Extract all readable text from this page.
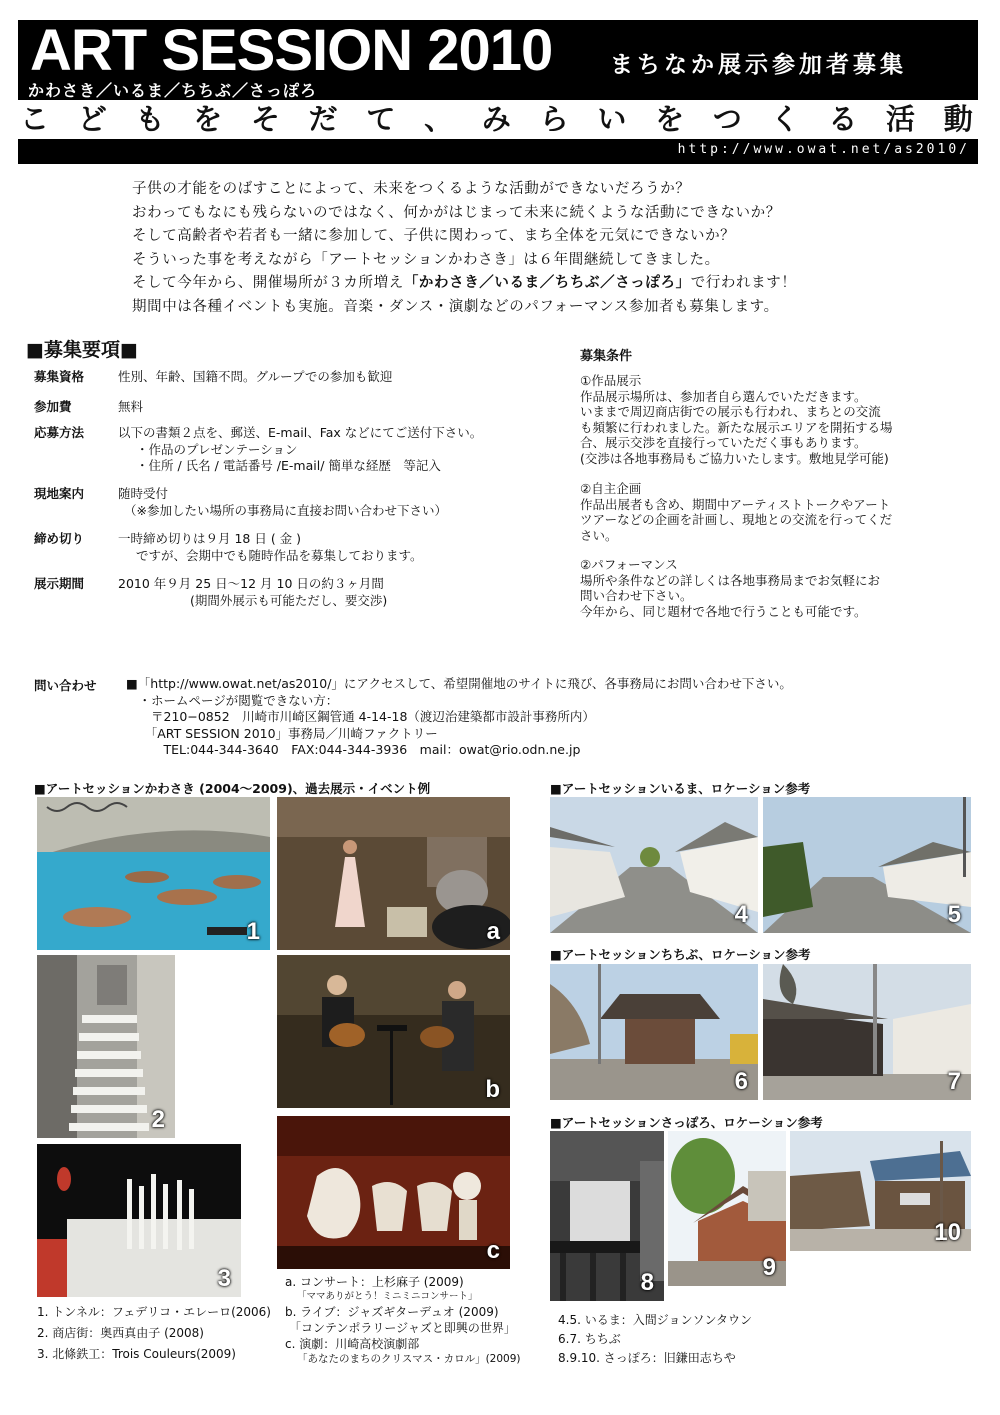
ART SESSION 2010
かわさき／いるま／ちちぶ／さっぽろ
まちなか展示参加者募集
こ ど も を そ だ て 、 み ら い を つ く る 活 動
http://www.owat.net/as2010/

子供の才能をのばすことによって、未来をつくるような活動ができないだろうか？

おわってもなにも残らないのではなく、何かがはじまって未来に続くような活動にできないか？

そして高齢者や若者も一緒に参加して、子供に関わって、まち全体を元気にできないか？

そういった事を考えながら「アートセッションかわさき」は６年間継続してきました。

そして今年から、開催場所が３カ所増え「かわさき／いるま／ちちぶ／さっぽろ」で行われます！

期間中は各種イベントも実施。音楽・ダンス・演劇などのパフォーマンス参加者も募集します。

■募集要項■
募集資格	性別、年齢、国籍不問。グループでの参加も歓迎
参加費	無料
応募方法	以下の書類２点を、郵送、E-mail、Fax などにてご送付下さい。
・作品のプレゼンテーション
・住所 / 氏名 / 電話番号 /E-mail/ 簡単な経歴　等記入
現地案内	随時受付
（※参加したい場所の事務局に直接お問い合わせ下さい）
締め切り	一時締め切りは９月 18 日 ( 金 )
ですが、会期中でも随時作品を募集しております。
展示期間	2010 年９月 25 日〜12 月 10 日の約３ヶ月間
(期間外展示も可能ただし、要交渉)
募集条件
①作品展示
作品展示場所は、参加者自ら選んでいただきます。
いままで周辺商店街での展示も行われ、まちとの交流
も頻繁に行われました。新たな展示エリアを開拓する場
合、展示交渉を直接行っていただく事もあります。
(交渉は各地事務局もご協力いたします。敷地見学可能)
②自主企画
作品出展者も含め、期間中アーティストトークやアート
ツアーなどの企画を計画し、現地との交流を行ってくだ
さい。
②パフォーマンス
場所や条件などの詳しくは各地事務局までお気軽にお
問い合わせ下さい。
今年から、同じ題材で各地で行うことも可能です。
問い合わせ ■「http://www.owat.net/as2010/」にアクセスして、希望開催地のサイトに飛び、各事務局にお問い合わせ下さい。
　・ホームページが閲覧できない方：
　　〒210−0852　川崎市川崎区鋼管通 4-14-18（渡辺治建築都市設計事務所内）
　　「ART SESSION 2010」事務局／川崎ファクトリー
　　　TEL:044-344-3640　FAX:044-344-3936　mail：owat@rio.odn.ne.jp
■アートセッションかわさき (2004〜2009)、過去展示・イベント例	■アートセッションいるま、ロケーション参考
■アートセッションちちぶ、ロケーション参考
■アートセッションさっぽろ、ロケーション参考
1
2
3
a
b
c
4	5
6	7
8
9
10
1. トンネル：フェデリコ・エレーロ(2006)
2. 商店街：奥西真由子 (2008)
3. 北條鉄工：Trois Couleurs(2009)
a. コンサート：上杉麻子 (2009)
「ママありがとう！ミニミニコンサート」
b. ライブ：ジャズギターデュオ (2009)
「コンテンポラリージャズと即興の世界」
c. 演劇：川崎高校演劇部
「あなたのまちのクリスマス・カロル」(2009)
4.5. いるま：入間ジョンソンタウン
6.7. ちちぶ
8.9.10. さっぽろ：旧鎌田志ちや
